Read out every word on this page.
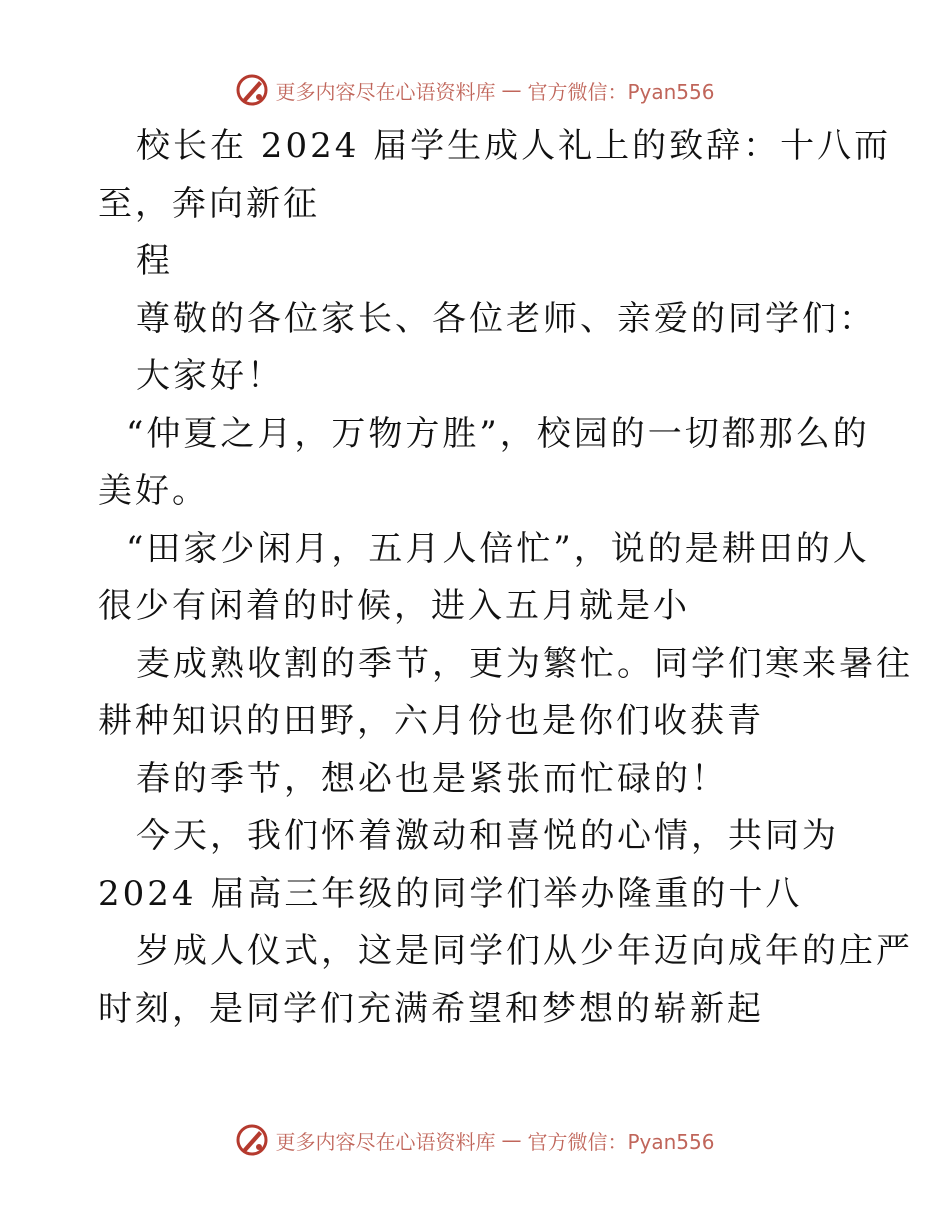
更多内容尽在心语资料库 — 官方微信：Pyan556
校长在 2024 届学生成人礼上的致辞：十八而
至，奔向新征
程
尊敬的各位家长、各位老师、亲爱的同学们：
大家好！
“仲夏之月，万物方胜”，校园的一切都那么的
美好。
“田家少闲月，五月人倍忙”，说的是耕田的人
很少有闲着的时候，进入五月就是小
麦成熟收割的季节，更为繁忙。同学们寒来暑往
耕种知识的田野，六月份也是你们收获青
春的季节，想必也是紧张而忙碌的！
今天，我们怀着激动和喜悦的心情，共同为
2024 届高三年级的同学们举办隆重的十八
岁成人仪式，这是同学们从少年迈向成年的庄严
时刻，是同学们充满希望和梦想的崭新起
更多内容尽在心语资料库 — 官方微信：Pyan556
